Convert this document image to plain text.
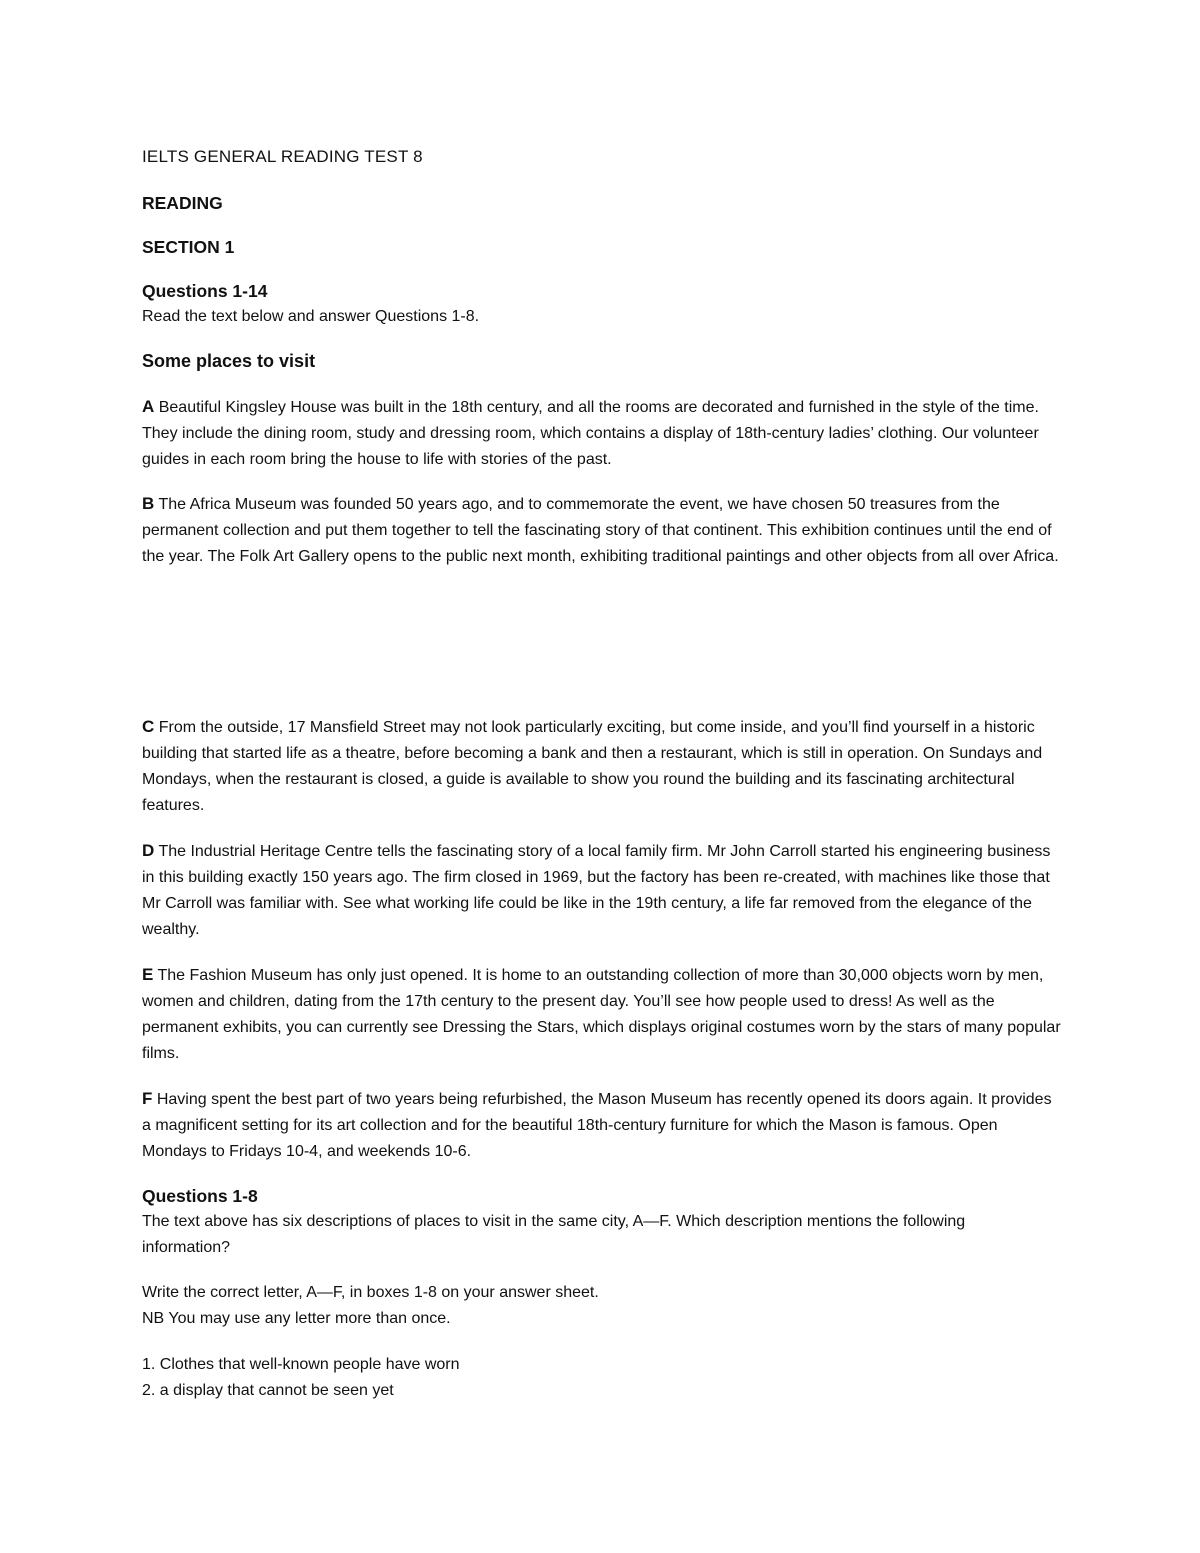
IELTS GENERAL READING TEST 8
READING
SECTION 1
Questions 1-14
Read the text below and answer Questions 1-8.
Some places to visit
A Beautiful Kingsley House was built in the 18th century, and all the rooms are decorated and furnished in the style of the time. They include the dining room, study and dressing room, which contains a display of 18th-century ladies’ clothing. Our volunteer guides in each room bring the house to life with stories of the past.
B The Africa Museum was founded 50 years ago, and to commemorate the event, we have chosen 50 treasures from the permanent collection and put them together to tell the fascinating story of that continent. This exhibition continues until the end of the year. The Folk Art Gallery opens to the public next month, exhibiting traditional paintings and other objects from all over Africa.
C From the outside, 17 Mansfield Street may not look particularly exciting, but come inside, and you’ll find yourself in a historic building that started life as a theatre, before becoming a bank and then a restaurant, which is still in operation. On Sundays and Mondays, when the restaurant is closed, a guide is available to show you round the building and its fascinating architectural features.
D The Industrial Heritage Centre tells the fascinating story of a local family firm. Mr John Carroll started his engineering business in this building exactly 150 years ago. The firm closed in 1969, but the factory has been re-created, with machines like those that Mr Carroll was familiar with. See what working life could be like in the 19th century, a life far removed from the elegance of the wealthy.
E The Fashion Museum has only just opened. It is home to an outstanding collection of more than 30,000 objects worn by men, women and children, dating from the 17th century to the present day. You’ll see how people used to dress! As well as the permanent exhibits, you can currently see Dressing the Stars, which displays original costumes worn by the stars of many popular films.
F Having spent the best part of two years being refurbished, the Mason Museum has recently opened its doors again. It provides a magnificent setting for its art collection and for the beautiful 18th-century furniture for which the Mason is famous. Open Mondays to Fridays 10-4, and weekends 10-6.
Questions 1-8
The text above has six descriptions of places to visit in the same city, A—F. Which description mentions the following information?
Write the correct letter, A—F, in boxes 1-8 on your answer sheet.
NB You may use any letter more than once.
1. Clothes that well-known people have worn
2. a display that cannot be seen yet
